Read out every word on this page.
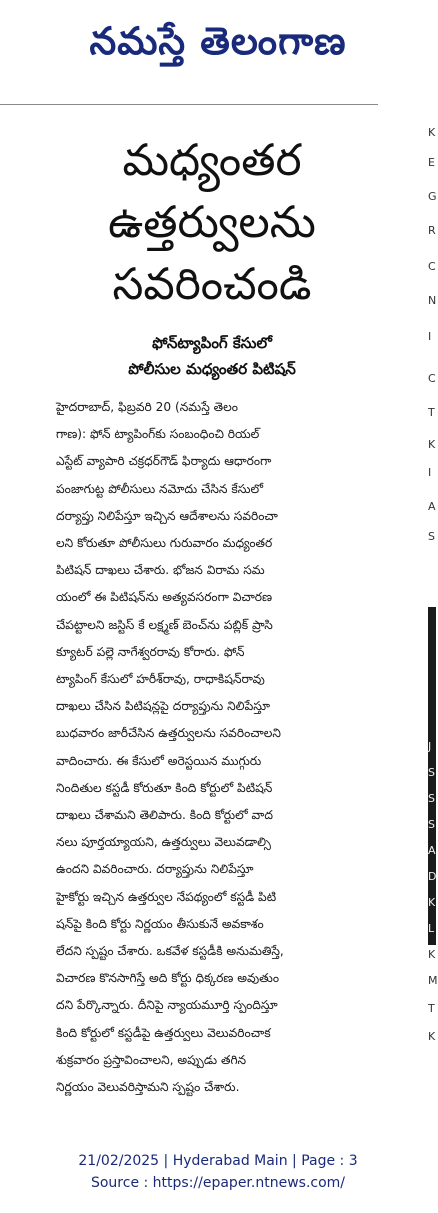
నమస్తే తెలంగాణ
మధ్యంతర
ఉత్తర్వులను
సవరించండి
ఫోన్‌ట్యాపింగ్ కేసులో
పోలీసుల మధ్యంతర పిటిషన్
హైదరాబాద్, ఫిబ్రవరి 20 (నమస్తే తెలం
గాణ): ఫోన్ ట్యాపింగ్‌కు సంబంధించి రియల్
ఎస్టేట్ వ్యాపారి చక్రధర్‌గౌడ్ ఫిర్యాదు ఆధారంగా
పంజాగుట్ట పోలీసులు నమోదు చేసిన కేసులో
దర్యాప్తు నిలిపేస్తూ ఇచ్చిన ఆదేశాలను సవరించా
లని కోరుతూ పోలీసులు గురువారం మధ్యంతర
పిటిషన్ దాఖలు చేశారు. భోజన విరామ సమ
యంలో ఈ పిటిషన్‌ను అత్యవసరంగా విచారణ
చేపట్టాలని జస్టిస్ కే లక్ష్మణ్ బెంచ్‌ను పబ్లిక్ ప్రాసి
క్యూటర్ పల్లె నాగేశ్వరరావు కోరారు. ఫోన్
ట్యాపింగ్ కేసులో హరీశ్‌రావు, రాధాకిషన్‌రావు
దాఖలు చేసిన పిటిషన్లపై దర్యాప్తును నిలిపేస్తూ
బుధవారం జారీచేసిన ఉత్తర్వులను సవరించాలని
వాదించారు. ఈ కేసులో అరెస్టయిన ముగ్గురు
నిందితుల కస్టడీ కోరుతూ కింది కోర్టులో పిటిషన్
దాఖలు చేశామని తెలిపారు. కింది కోర్టులో వాద
నలు పూర్తయ్యాయని, ఉత్తర్వులు వెలువడాల్సి
ఉందని వివరించారు. దర్యాప్తును నిలిపేస్తూ
హైకోర్టు ఇచ్చిన ఉత్తర్వుల నేపథ్యంలో కస్టడీ పిటి
షన్‌పై కింది కోర్టు నిర్ణయం తీసుకునే అవకాశం
లేదని స్పష్టం చేశారు. ఒకవేళ కస్టడీకి అనుమతిస్తే,
విచారణ కొనసాగిస్తే అది కోర్టు ధిక్కరణ అవుతుం
దని పేర్కొన్నారు. దీనిపై న్యాయమూర్తి స్పందిస్తూ
కింది కోర్టులో కస్టడీపై ఉత్తర్వులు వెలువరించాక
శుక్రవారం ప్రస్తావించాలని, అప్పుడు తగిన
నిర్ణయం వెలువరిస్తామని స్పష్టం చేశారు.
K
E
G
R
C
N
I
C
T
K
I
A
S
J
S
S
S
A
D
K
L
K
M
T
K
21/02/2025 | Hyderabad Main | Page : 3
Source : https://epaper.ntnews.com/
